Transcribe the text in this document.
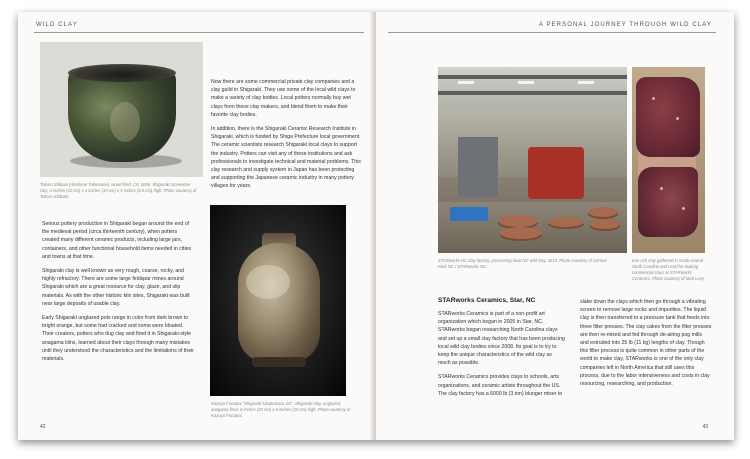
WILD CLAY
Tokuro Shibata (Akebone Tokoname), wood fired, C9, 2006. Shigaraki stoneware clay, 4 inches (10 cm) x 4 inches (10 cm) x 5 inches (8.5 cm) high. Photo courtesy of Tokuro Shibata.

Serious pottery production in Shigaraki began around the end of the medieval period (circa thirteenth century), when potters created many different ceramic products, including large jars, containers, and other functional household items needed in cities and towns at that time.

Shigaraki clay is well known as very rough, coarse, rocky, and highly refractory. There are some large feldspar mines around Shigaraki which are a great resource for clay, glaze, and slip materials. As with the other historic kiln sites, Shigaraki was built near large deposits of usable clay.

Early Shigaraki unglazed pots range in color from dark brown to bright orange, but some had cracked and some were bloated. Their creators, potters who dug clay and fired it in Shigaraki-style anagama kilns, learned about their clays through many mistakes until they understood the characteristics and the limitations of their materials.

Now there are some commercial private clay companies and a clay guild in Shigaraki. They use some of the local wild clays to make a variety of clay bodies. Local potters normally buy wet clays from these clay makers, and blend them to make their favorite clay bodies.

In addition, there is the Shigaraki Ceramic Research Institute in Shigaraki, which is funded by Shiga Prefecture local government. The ceramic scientists research Shigaraki local clays to support the industry. Potters can visit any of these institutions and ask professionals to investigate technical and material problems. This clay research and supply system in Japan has been protecting and supporting the Japanese ceramic industry in many pottery villages for years.

Kazuya Furutani "Shigaraki Uzukumaru Jar". Shigaraki clay, unglazed, anagama fired. 8 inches (20 cm) x 8 inches (20 cm) high. Photo courtesy of Kazuya Furutani.
42
A PERSONAL JOURNEY THROUGH WILD CLAY
STARworks NC clay factory, processing local NC wild clay, 2015. Photo courtesy of Central Park NC / STARworks NC.
Iron rich clay gathered in south central North Carolina and used for making commercial clays at STARworks Ceramics. Photo courtesy of Matt Levy.
STARworks Ceramics, Star, NC

STARworks Ceramics is part of a non-profit art organization which began in 2005 in Star, NC. STARworks began researching North Carolina clays and set up a small clay factory that has been producing local wild clay bodies since 2008. Its goal is to try to keep the unique characteristics of the wild clay as much as possible.

STARworks Ceramics provides clays to schools, arts organizations, and ceramic artists throughout the US. The clay factory has a 6000 lb (3 ton) blunger mixer to

slake down the clays which then go through a vibrating screen to remove large rocks and impurities. The liquid clay is then transferred to a pressure tank that feeds into three filter presses. The clay cakes from the filter presses are then re-mixed and fed through de-airing pug mills and extruded into 25 lb (11 kg) lengths of clay. Though this filter process is quite common in other parts of the world to make clay, STARworks is one of the only clay companies left in North America that still uses this process, due to the labor intensiveness and costs in clay resourcing, researching, and production.

43
